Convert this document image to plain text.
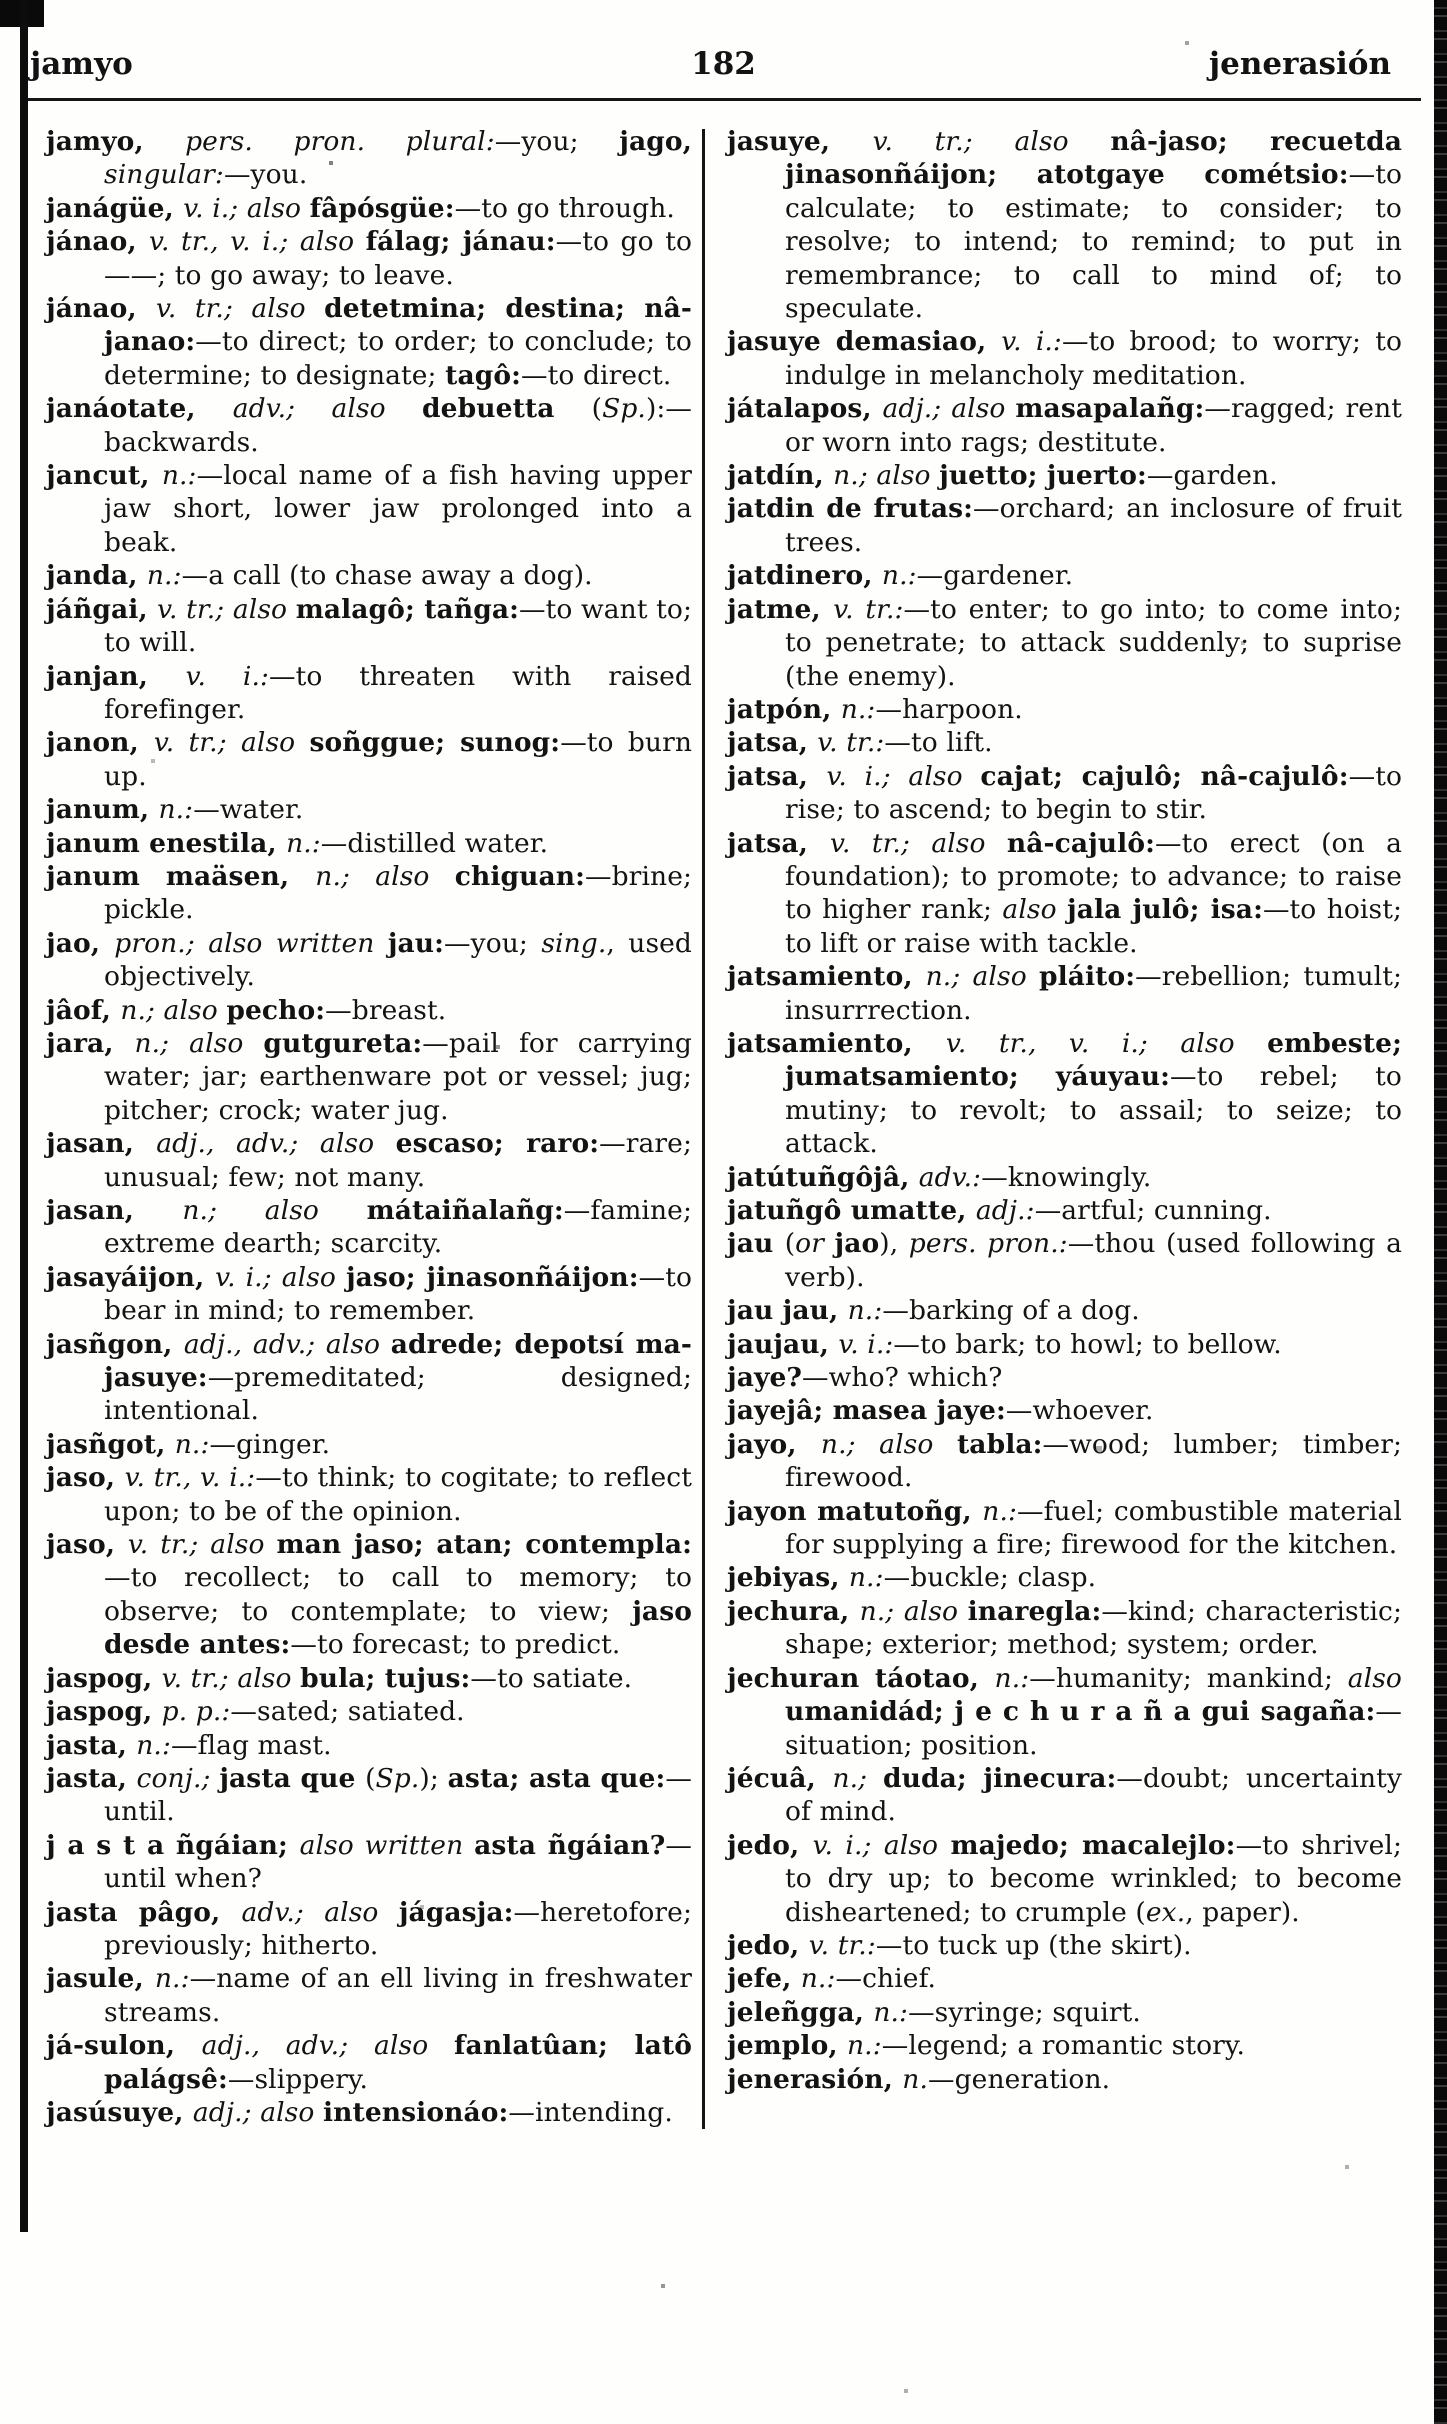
jamyo	182	jenerasión

jamyo, pers. pron. plural:—you; jago, singular:—you.

janágüe, v. i.; also fâpósgüe:—to go through.

jánao, v. tr., v. i.; also fálag; jánau:—to go to ——; to go away; to leave.

jánao, v. tr.; also detetmina; destina; nâ-janao:—to direct; to order; to conclude; to determine; to designate; tagô:—to direct.

janáotate, adv.; also debuetta (Sp.):—backwards.

jancut, n.:—local name of a fish having upper jaw short, lower jaw prolonged into a beak.

janda, n.:—a call (to chase away a dog).

jáñgai, v. tr.; also malagô; tañga:—to want to; to will.

janjan, v. i.:—to threaten with raised forefinger.

janon, v. tr.; also soñggue; sunog:—to burn up.

janum, n.:—water.

janum enestila, n.:—distilled water.

janum maäsen, n.; also chiguan:—brine; pickle.

jao, pron.; also written jau:—you; sing., used objectively.

jâof, n.; also pecho:—breast.

jara, n.; also gutgureta:—pail for carrying water; jar; earthenware pot or vessel; jug; pitcher; crock; water jug.

jasan, adj., adv.; also escaso; raro:—rare; unusual; few; not many.

jasan, n.; also mátaiñalañg:—famine; extreme dearth; scarcity.

jasayáijon, v. i.; also jaso; jinasonñáijon:—to bear in mind; to remember.

jasñgon, adj., adv.; also adrede; depotsí ma-jasuye:—premeditated; designed; intentional.

jasñgot, n.:—ginger.

jaso, v. tr., v. i.:—to think; to cogitate; to reflect upon; to be of the opinion.

jaso, v. tr.; also man jaso; atan; contempla:—to recollect; to call to memory; to observe; to contemplate; to view; jaso desde antes:—to forecast; to predict.

jaspog, v. tr.; also bula; tujus:—to satiate.

jaspog, p. p.:—sated; satiated.

jasta, n.:—flag mast.

jasta, conj.; jasta que (Sp.); asta; asta que:—until.

j a s t a ñgáian; also written asta ñgáian?—until when?

jasta pâgo, adv.; also jágasja:—heretofore; previously; hitherto.

jasule, n.:—name of an ell living in freshwater streams.

já-sulon, adj., adv.; also fanlatûan; latô palágsê:—slippery.

jasúsuye, adj.; also intensionáo:—intending.

jasuye, v. tr.; also nâ-jaso; recuetda jinasonñáijon; atotgaye cométsio:—to calculate; to estimate; to consider; to resolve; to intend; to remind; to put in remembrance; to call to mind of; to speculate.

jasuye demasiao, v. i.:—to brood; to worry; to indulge in melancholy meditation.

játalapos, adj.; also masapalañg:—ragged; rent or worn into rags; destitute.

jatdín, n.; also juetto; juerto:—garden.

jatdin de frutas:—orchard; an inclosure of fruit trees.

jatdinero, n.:—gardener.

jatme, v. tr.:—to enter; to go into; to come into; to penetrate; to attack suddenly; to suprise (the enemy).

jatpón, n.:—harpoon.

jatsa, v. tr.:—to lift.

jatsa, v. i.; also cajat; cajulô; nâ-cajulô:—to rise; to ascend; to begin to stir.

jatsa, v. tr.; also nâ-cajulô:—to erect (on a foundation); to promote; to advance; to raise to higher rank; also jala julô; isa:—to hoist; to lift or raise with tackle.

jatsamiento, n.; also pláito:—rebellion; tumult; insurrrection.

jatsamiento, v. tr., v. i.; also embeste; jumatsamiento; yáuyau:—to rebel; to mutiny; to revolt; to assail; to seize; to attack.

jatútuñgôjâ, adv.:—knowingly.

jatuñgô umatte, adj.:—artful; cunning.

jau (or jao), pers. pron.:—thou (used following a verb).

jau jau, n.:—barking of a dog.

jaujau, v. i.:—to bark; to howl; to bellow.

jaye?—who? which?

jayejâ; masea jaye:—whoever.

jayo, n.; also tabla:—wood; lumber; timber; firewood.

jayon matutoñg, n.:—fuel; combustible material for supplying a fire; firewood for the kitchen.

jebiyas, n.:—buckle; clasp.

jechura, n.; also inaregla:—kind; characteristic; shape; exterior; method; system; order.

jechuran táotao, n.:—humanity; mankind; also umanidád; j e c h u r a ñ a gui sagaña:—situation; position.

jécuâ, n.; duda; jinecura:—doubt; uncertainty of mind.

jedo, v. i.; also majedo; macalejlo:—to shrivel; to dry up; to become wrinkled; to become disheartened; to crumple (ex., paper).

jedo, v. tr.:—to tuck up (the skirt).

jefe, n.:—chief.

jeleñgga, n.:—syringe; squirt.

jemplo, n.:—legend; a romantic story.

jenerasión, n.—generation.
